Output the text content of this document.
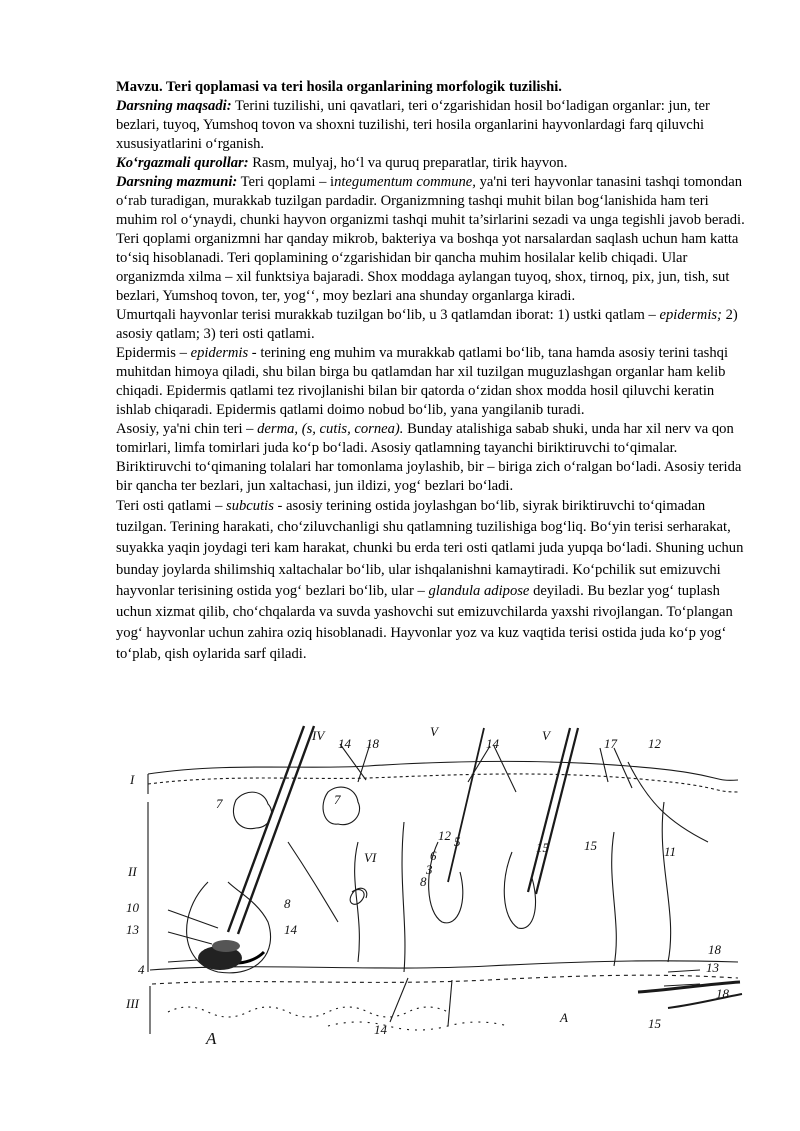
Mavzu. Teri qoplamasi va teri hosila organlarining morfologik tuzilishi.

Darsning maqsadi: Terini tuzilishi, uni qavatlari, teri oʻzgarishidan hosil boʻladigan organlar: jun, ter bezlari, tuyoq, Yumshoq tovon va shoxni tuzilishi, teri hosila organlarini hayvonlardagi farq qiluvchi xususiyatlarini oʻrganish.

Koʻrgazmali qurollar: Rasm, mulyaj, hoʻl va quruq preparatlar, tirik hayvon.

Darsning mazmuni: Teri qoplami – integumentum commune, ya'ni teri hayvonlar tanasini tashqi tomondan oʻrab turadigan, murakkab tuzilgan pardadir. Organizmning tashqi muhit bilan bogʻlanishida ham teri muhim rol oʻynaydi, chunki hayvon organizmi tashqi muhit ta’sirlarini sezadi va unga tegishli javob beradi. Teri qoplami organizmni har qanday mikrob, bakteriya va boshqa yot narsalardan saqlash uchun ham katta toʻsiq hisoblanadi. Teri qoplamining oʻzgarishidan bir qancha muhim hosilalar kelib chiqadi. Ular organizmda xilma – xil funktsiya bajaradi. Shox moddaga aylangan tuyoq, shox, tirnoq, pix, jun, tish, sut bezlari, Yumshoq tovon, ter, yogʻʻ, moy bezlari ana shunday organlarga kiradi.

Umurtqali hayvonlar terisi murakkab tuzilgan boʻlib, u 3 qatlamdan iborat: 1) ustki qatlam – epidermis; 2) asosiy qatlam; 3) teri osti qatlami.

Epidermis – epidermis - terining eng muhim va murakkab qatlami boʻlib, tana hamda asosiy terini tashqi muhitdan himoya qiladi, shu bilan birga bu qatlamdan har xil tuzilgan muguzlashgan organlar ham kelib chiqadi. Epidermis qatlami tez rivojlanishi bilan bir qatorda oʻzidan shox modda hosil qiluvchi keratin ishlab chiqaradi. Epidermis qatlami doimo nobud boʻlib, yana yangilanib turadi.

Asosiy, ya'ni chin teri – derma, (s, cutis, cornea). Bunday atalishiga sabab shuki, unda har xil nerv va qon tomirlari, limfa tomirlari juda koʻp boʻladi. Asosiy qatlamning tayanchi biriktiruvchi toʻqimalar. Biriktiruvchi toʻqimaning tolalari har tomonlama joylashib, bir – biriga zich oʻralgan boʻladi. Asosiy terida bir qancha ter bezlari, jun xaltachasi, jun ildizi, yogʻ bezlari boʻladi.

Teri osti qatlami – subcutis - asosiy terining ostida joylashgan boʻlib, siyrak biriktiruvchi toʻqimadan tuzilgan. Terining harakati, choʻziluvchanligi shu qatlamning tuzilishiga bogʻliq. Boʻyin terisi serharakat, suyakka yaqin joydagi teri kam harakat, chunki bu erda teri osti qatlami juda yupqa boʻladi. Shuning uchun bunday joylarda shilimshiq xaltachalar boʻlib, ular ishqalanishni kamaytiradi. Koʻpchilik sut emizuvchi hayvonlar terisining ostida yogʻ bezlari boʻlib, ular – glandula adipose deyiladi. Bu bezlar yogʻ tuplash uchun xizmat qilib, choʻchqalarda va suvda yashovchi sut emizuvchilarda yaxshi rivojlangan. Toʻplangan yogʻ hayvonlar uchun zahira oziq hisoblanadi. Hayvonlar yoz va kuz vaqtida terisi ostida juda koʻp yogʻ toʻplab, qish oylarida sarf qiladi.

I
II
III
IV
14 18
V
14
V
17 12
7	7
VI
12 5
6
3
8
15	15	11
8
14
10
13
4
18
13
18
15
14
A
A
